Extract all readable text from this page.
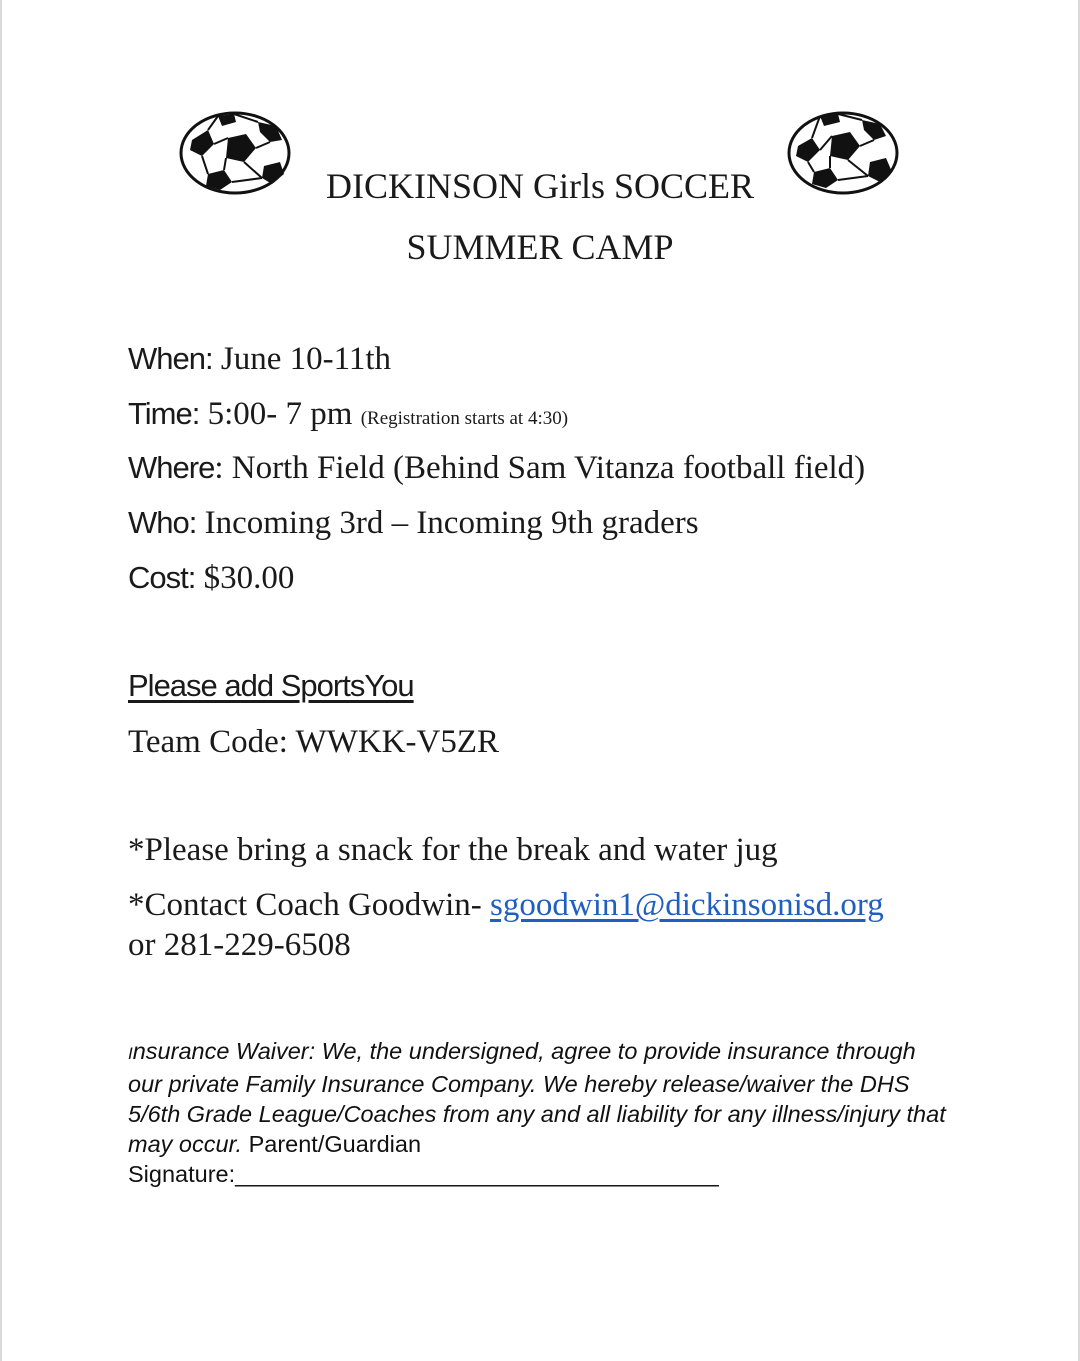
DICKINSON Girls SOCCER
SUMMER CAMP
When: June 10-11th
Time: 5:00- 7 pm (Registration starts at 4:30)
Where: North Field (Behind Sam Vitanza football field)
Who: Incoming 3rd – Incoming 9th graders
Cost: $30.00
Please add SportsYou
Team Code: WWKK-V5ZR
*Please bring a snack for the break and water jug
*Contact Coach Goodwin- sgoodwin1@dickinsonisd.org
or 281-229-6508
Insurance Waiver: We, the undersigned, agree to provide insurance through our private Family Insurance Company. We hereby release/waiver the DHS 5/6th Grade League/Coaches from any and all liability for any illness/injury that may occur. Parent/Guardian Signature:_____________________________________
